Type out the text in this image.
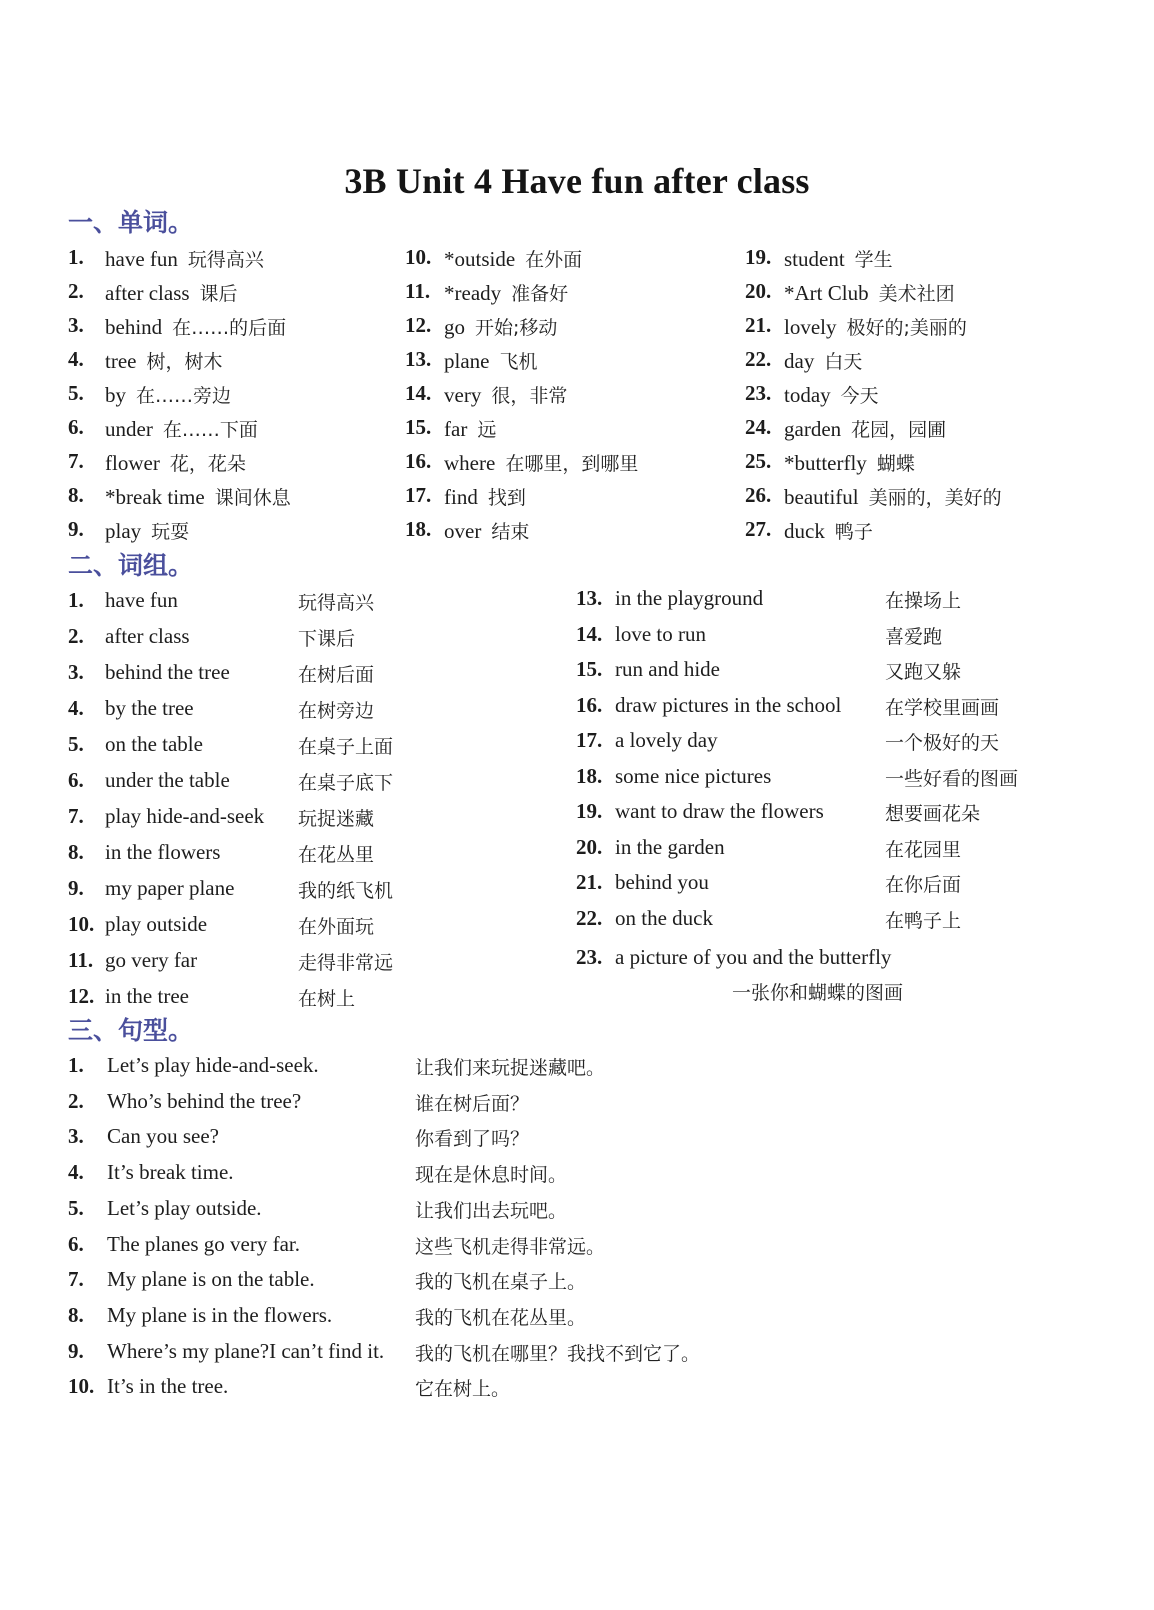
3B Unit 4 Have fun after class
一、单词。
1. have fun 玩得高兴
2. after class 课后
3. behind 在……的后面
4. tree 树，树木
5. by 在……旁边
6. under 在……下面
7. flower 花，花朵
8. *break time 课间休息
9. play 玩耍
10. *outside 在外面
11. *ready 准备好
12. go 开始;移动
13. plane 飞机
14. very 很，非常
15. far 远
16. where 在哪里，到哪里
17. find 找到
18. over 结束
19. student 学生
20. *Art Club 美术社团
21. lovely 极好的;美丽的
22. day 白天
23. today 今天
24. garden 花园，园圃
25. *butterfly 蝴蝶
26. beautiful 美丽的，美好的
27. duck 鸭子
二、词组。
1. have fun	玩得高兴
2. after class	下课后
3. behind the tree	在树后面
4. by the tree	在树旁边
5. on the table	在桌子上面
6. under the table	在桌子底下
7. play hide-and-seek 玩捉迷藏
8. in the flowers	在花丛里
9. my paper plane	我的纸飞机
10. play outside	在外面玩
11. go very far	走得非常远
12. in the tree	在树上
13. in the playground	在操场上
14. love to run	喜爱跑
15. run and hide	又跑又躲
16. draw pictures in the school 在学校里画画
17. a lovely day	一个极好的天
18. some nice pictures	一些好看的图画
19. want to draw the flowers	想要画花朵
20. in the garden	在花园里
21. behind you	在你后面
22. on the duck	在鸭子上
23. a picture of you and the butterfly
一张你和蝴蝶的图画
三、句型。
1. Let’s play hide-and-seek.	让我们来玩捉迷藏吧。
2. Who’s behind the tree?	谁在树后面？
3. Can you see?	你看到了吗？
4. It’s break time.	现在是休息时间。
5. Let’s play outside.	让我们出去玩吧。
6. The planes go very far.	这些飞机走得非常远。
7. My plane is on the table.	我的飞机在桌子上。
8. My plane is in the flowers.	我的飞机在花丛里。
9. Where’s my plane?I can’t find it. 我的飞机在哪里？我找不到它了。
10. It’s in the tree.	它在树上。
